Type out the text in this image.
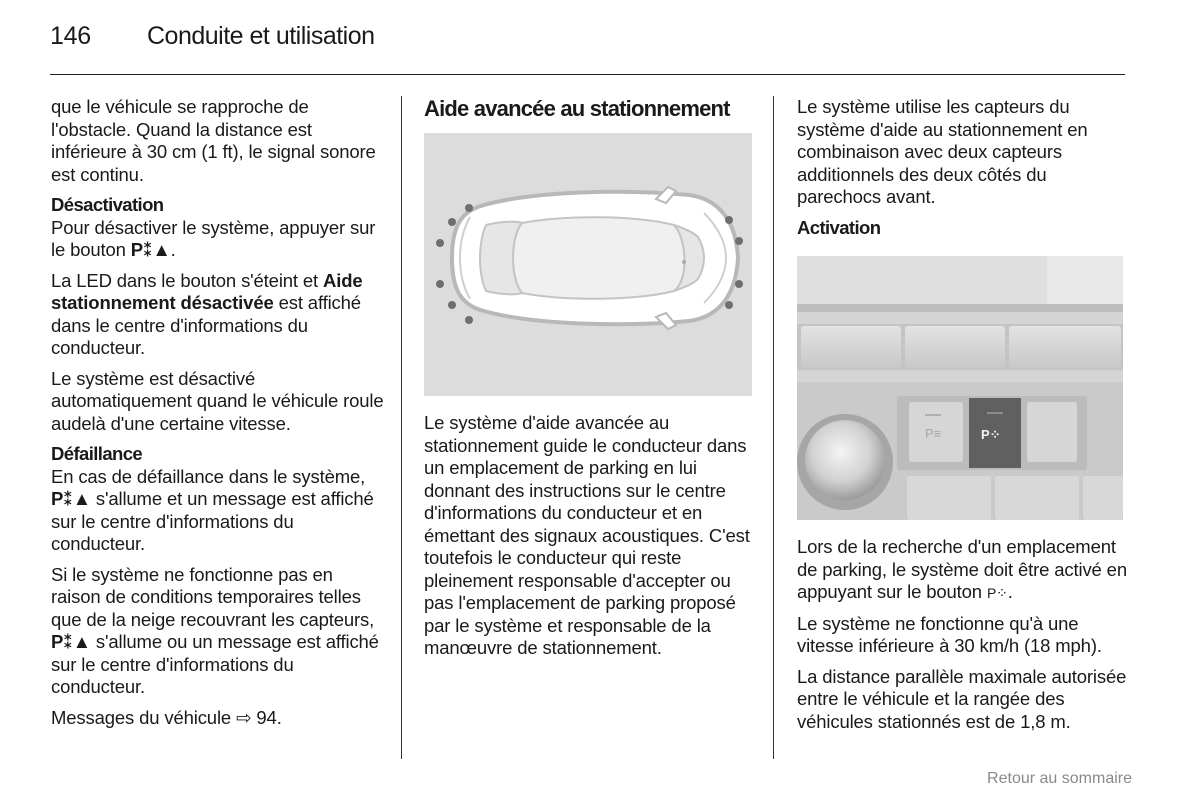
146 Conduite et utilisation

que le véhicule se rapproche de l'obstacle. Quand la distance est inférieure à 30 cm (1 ft), le signal sonore est continu.

Désactivation

Pour désactiver le système, appuyer sur le bouton P⁑▲.

La LED dans le bouton s'éteint et Aide stationnement désactivée est affiché dans le centre d'informations du conducteur.

Le système est désactivé automatiquement quand le véhicule roule audelà d'une certaine vitesse.

Défaillance

En cas de défaillance dans le système, P⁑▲ s'allume et un message est affiché sur le centre d'informations du conducteur.

Si le système ne fonctionne pas en raison de conditions temporaires telles que de la neige recouvrant les capteurs, P⁑▲ s'allume ou un message est affiché sur le centre d'informations du conducteur.

Messages du véhicule ⇨ 94.

Aide avancée au stationnement

Le système d'aide avancée au stationnement guide le conducteur dans un emplacement de parking en lui donnant des instructions sur le centre d'informations du conducteur et en émettant des signaux acoustiques. C'est toutefois le conducteur qui reste pleinement responsable d'accepter ou pas l'emplacement de parking proposé par le système et responsable de la manœuvre de stationnement.

Le système utilise les capteurs du système d'aide au stationnement en combinaison avec deux capteurs additionnels des deux côtés du parechocs avant.

Activation
P≡	P⁘

Lors de la recherche d'un emplacement de parking, le système doit être activé en appuyant sur le bouton P⁘.

Le système ne fonctionne qu'à une vitesse inférieure à 30 km/h (18 mph).

La distance parallèle maximale autorisée entre le véhicule et la rangée des véhicules stationnés est de 1,8 m.

Retour au sommaire
